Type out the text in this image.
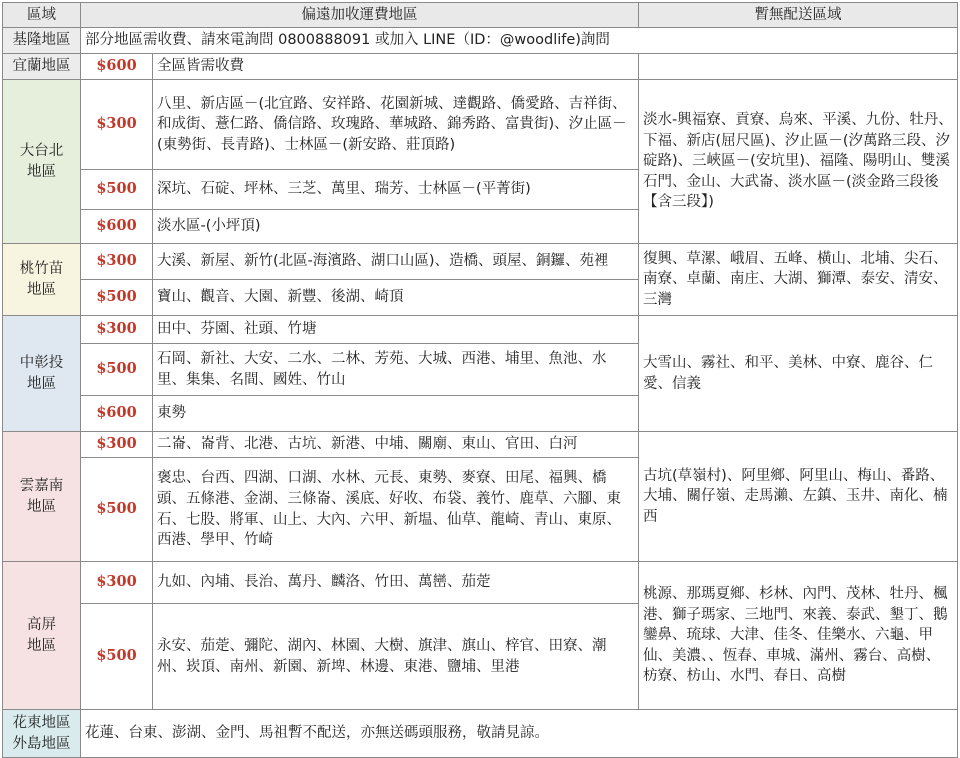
區域	偏遠加收運費地區		暫無配送區域
基隆地區	部分地區需收費、請來電詢問 0800888091 或加入 LINE（ID：@woodlife)詢問		
宜蘭地區	$600	全區皆需收費	
大台北
地區	$300	八里、新店區－(北宜路、安祥路、花園新城、達觀路、僑愛路、吉祥街、和成街、薏仁路、僑信路、玫瑰路、華城路、錦秀路、富貴街)、汐止區－(東勢街、長青路)、士林區－(新安路、莊頂路)	淡水-興福寮、貢寮、烏來、平溪、九份、牡丹、下福、新店(屈尺區)、汐止區－(汐萬路三段、汐碇路)、三峽區－(安坑里)、福隆、陽明山、雙溪石門、金山、大武崙、淡水區－(淡金路三段後【含三段】)
	$500	深坑、石碇、坪林、三芝、萬里、瑞芳、士林區－(平菁街)	
	$600	淡水區-(小坪頂)	
桃竹苗
地區	$300	大溪、新屋、新竹(北區-海濱路、湖口山區)、造橋、頭屋、銅鑼、苑裡	復興、草漯、峨眉、五峰、橫山、北埔、尖石、南寮、卓蘭、南庄、大湖、獅潭、泰安、清安、三灣
	$500	寶山、觀音、大園、新豐、後湖、崎頂	
中彰投
地區	$300	田中、芬園、社頭、竹塘	大雪山、霧社、和平、美林、中寮、鹿谷、仁愛、信義
	$500	石岡、新社、大安、二水、二林、芳苑、大城、西港、埔里、魚池、水里、集集、名間、國姓、竹山	
	$600	東勢	
雲嘉南
地區	$300	二崙、崙背、北港、古坑、新港、中埔、關廟、東山、官田、白河	古坑(草嶺村)、阿里鄉、阿里山、梅山、番路、大埔、關仔嶺、走馬瀨、左鎮、玉井、南化、楠西
	$500	褒忠、台西、四湖、口湖、水林、元長、東勢、麥寮、田尾、福興、橋頭、五條港、金湖、三條崙、溪底、好收、布袋、義竹、鹿草、六腳、東石、七股、將軍、山上、大內、六甲、新塭、仙草、龍崎、青山、東原、西港、學甲、竹崎	
高屏
地區	$300	九如、內埔、長治、萬丹、麟洛、竹田、萬巒、茄萣	桃源、那瑪夏鄉、杉林、內門、茂林、牡丹、楓港、獅子瑪家、三地門、來義、泰武、墾丁、鵝鑾鼻、琉球、大津、佳冬、佳樂水、六龜、甲仙、美濃、、恆春、車城、滿州、霧台、高樹、枋寮、枋山、水門、春日、高樹
	$500	永安、茄萣、彌陀、湖內、林園、大樹、旗津、旗山、梓官、田寮、潮州、崁頂、南州、新園、新埤、林邊、東港、鹽埔、里港	
花東地區
外島地區	花蓮、台東、澎湖、金門、馬祖暫不配送，亦無送碼頭服務，敬請見諒。		
